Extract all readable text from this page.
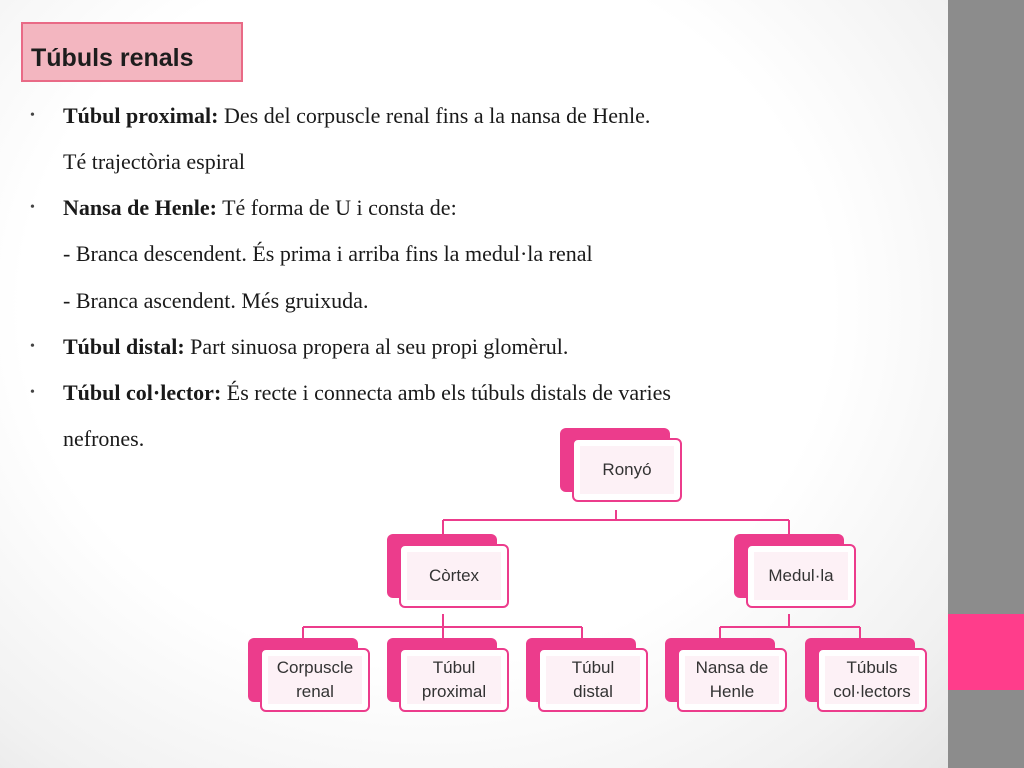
Túbuls renals
• Túbul proximal: Des del corpuscle renal fins a la nansa de Henle.
Té trajectòria espiral
• Nansa de Henle: Té forma de U i consta de:
- Branca descendent. És prima i arriba fins la medul·la renal
- Branca ascendent. Més gruixuda.
• Túbul distal: Part sinuosa propera al seu propi glomèrul.
• Túbul col·lector: És recte i connecta amb els túbuls distals de varies
nefrones.
Ronyó
Còrtex	Medul·la
Corpuscle
renal
Túbul
proximal
Túbul
distal
Nansa de
Henle
Túbuls
col·lectors
